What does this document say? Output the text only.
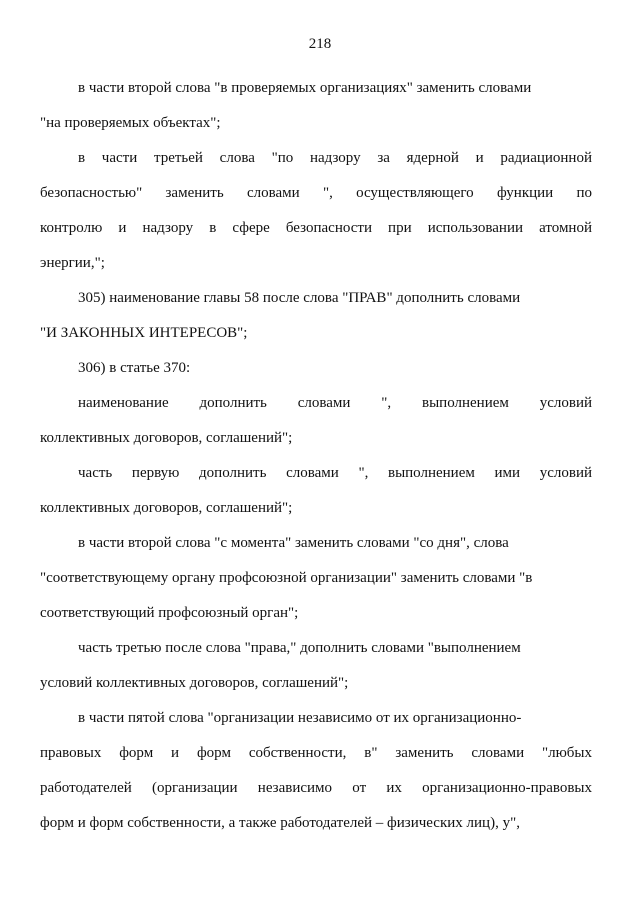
218
в части второй слова "в проверяемых организациях" заменить словами
"на проверяемых объектах";
в части третьей слова "по надзору за ядерной и радиационной
безопасностью" заменить словами ", осуществляющего функции по
контролю и надзору в сфере безопасности при использовании атомной
энергии,";
305) наименование главы 58 после слова "ПРАВ" дополнить словами
"И ЗАКОННЫХ ИНТЕРЕСОВ";
306) в статье 370:
наименование дополнить словами ", выполнением условий
коллективных договоров, соглашений";
часть первую дополнить словами ", выполнением ими условий
коллективных договоров, соглашений";
в части второй слова "с момента" заменить словами "со дня", слова
"соответствующему органу профсоюзной организации" заменить словами "в
соответствующий профсоюзный орган";
часть третью после слова "права," дополнить словами "выполнением
условий коллективных договоров, соглашений";
в части пятой слова "организации независимо от их организационно-
правовых форм и форм собственности, в" заменить словами "любых
работодателей (организации независимо от их организационно-правовых
форм и форм собственности, а также работодателей – физических лиц), у",
